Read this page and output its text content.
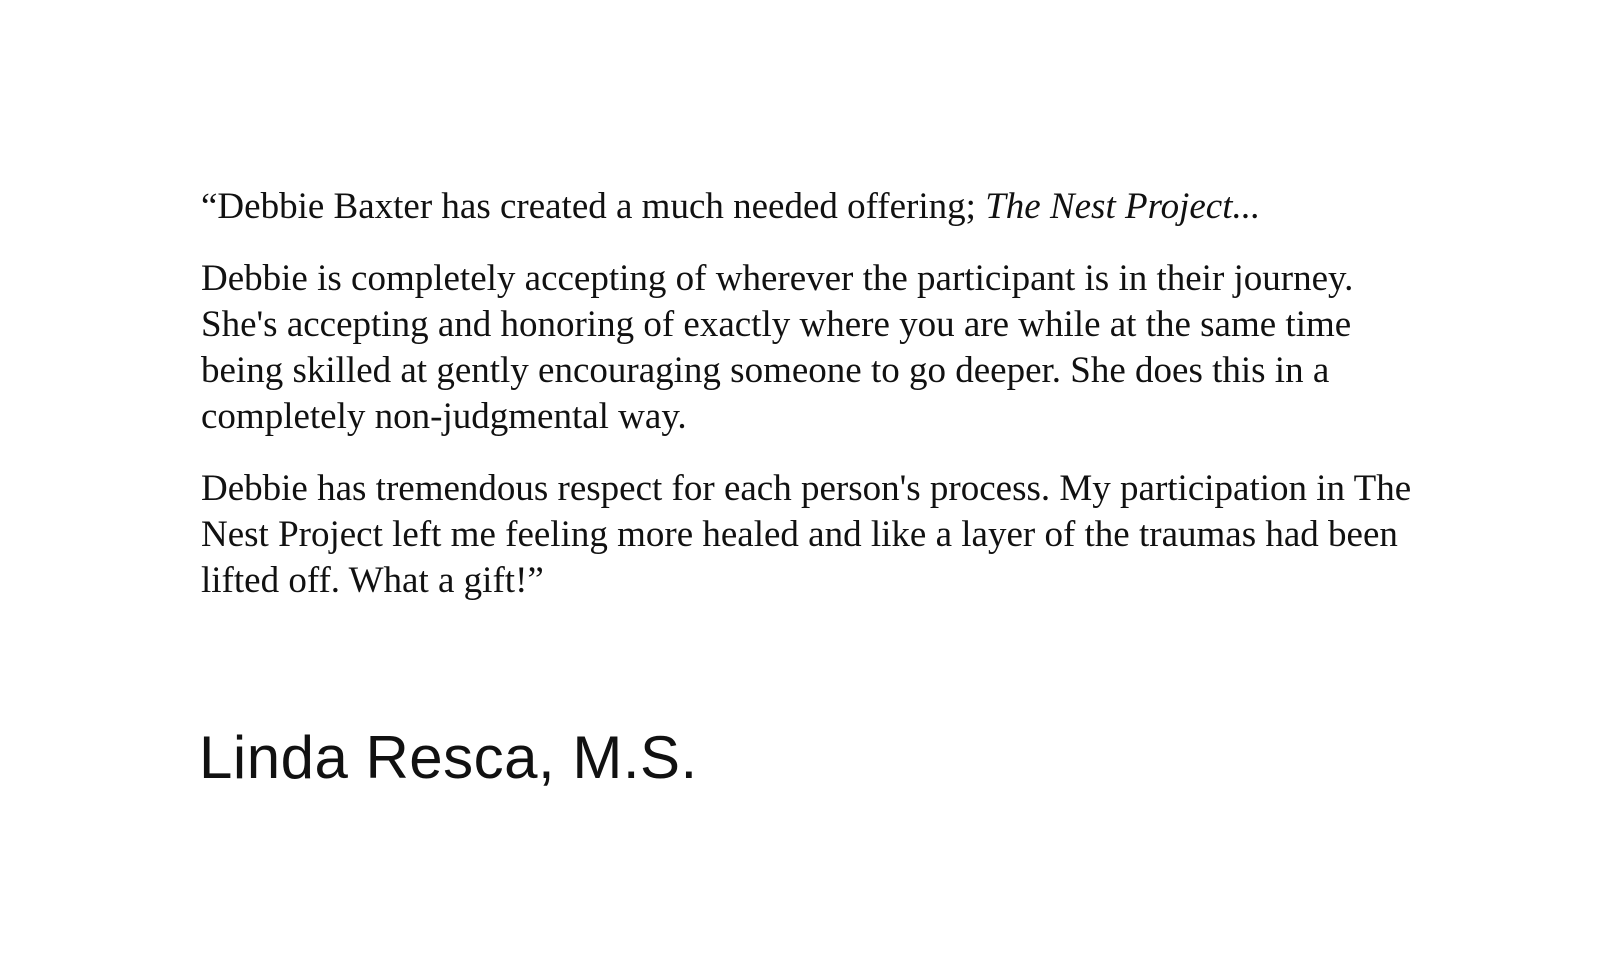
“Debbie Baxter has created a much needed offering; The Nest Project...

Debbie is completely accepting of wherever the participant is in their journey. She's accepting and honoring of exactly where you are while at the same time being skilled at gently encouraging someone to go deeper. She does this in a completely non-judgmental way.

Debbie has tremendous respect for each person's process. My participation in The Nest Project left me feeling more healed and like a layer of the traumas had been lifted off. What a gift!”

Linda Resca, M.S.
